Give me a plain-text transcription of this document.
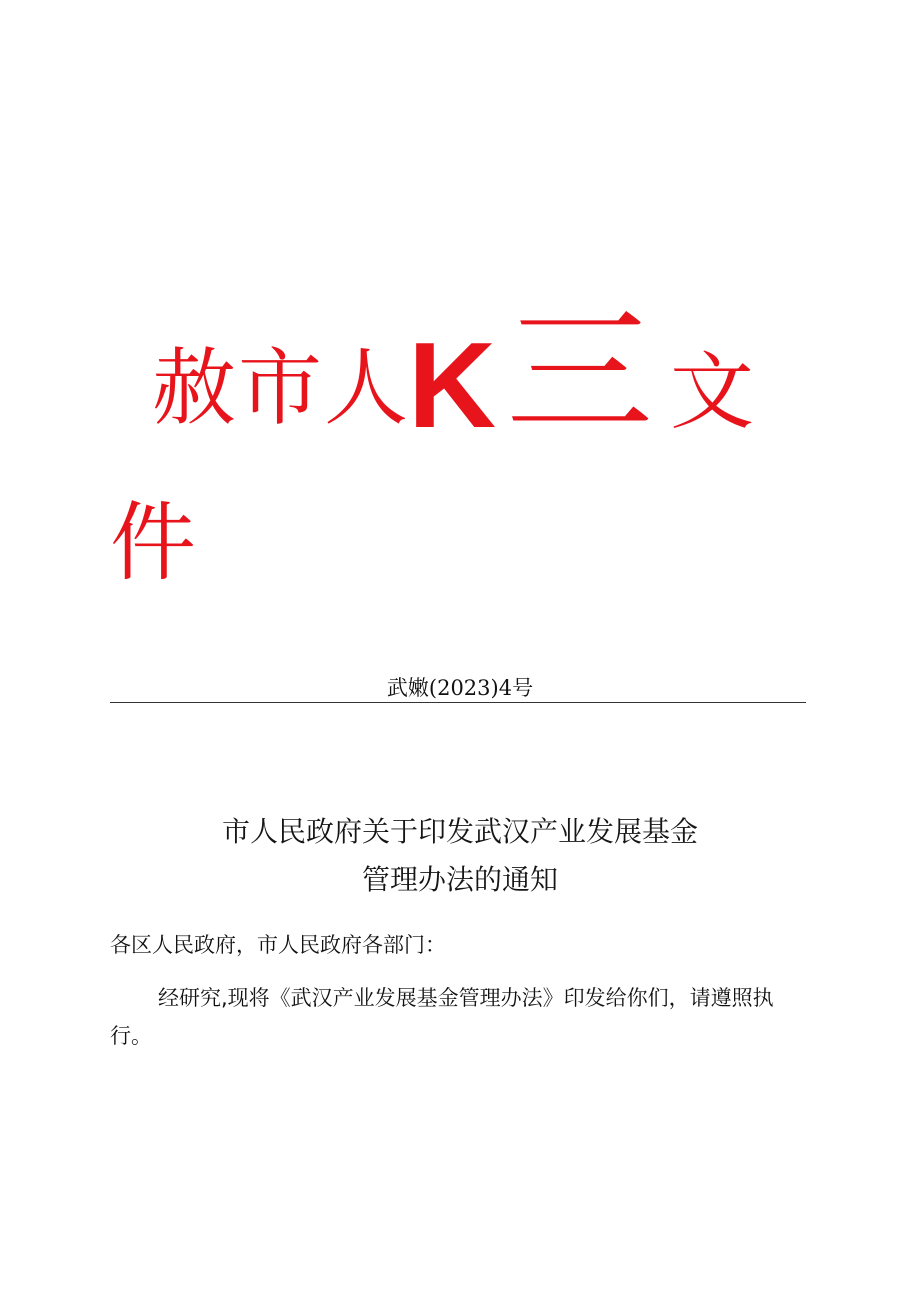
赦 市 人 K 三 文
件
武嫩(2023)4号
市人民政府关于印发武汉产业发展基金
管理办法的通知
各区人民政府，市人民政府各部门：
经研究,现将《武汉产业发展基金管理办法》印发给你们，请遵照执行。
